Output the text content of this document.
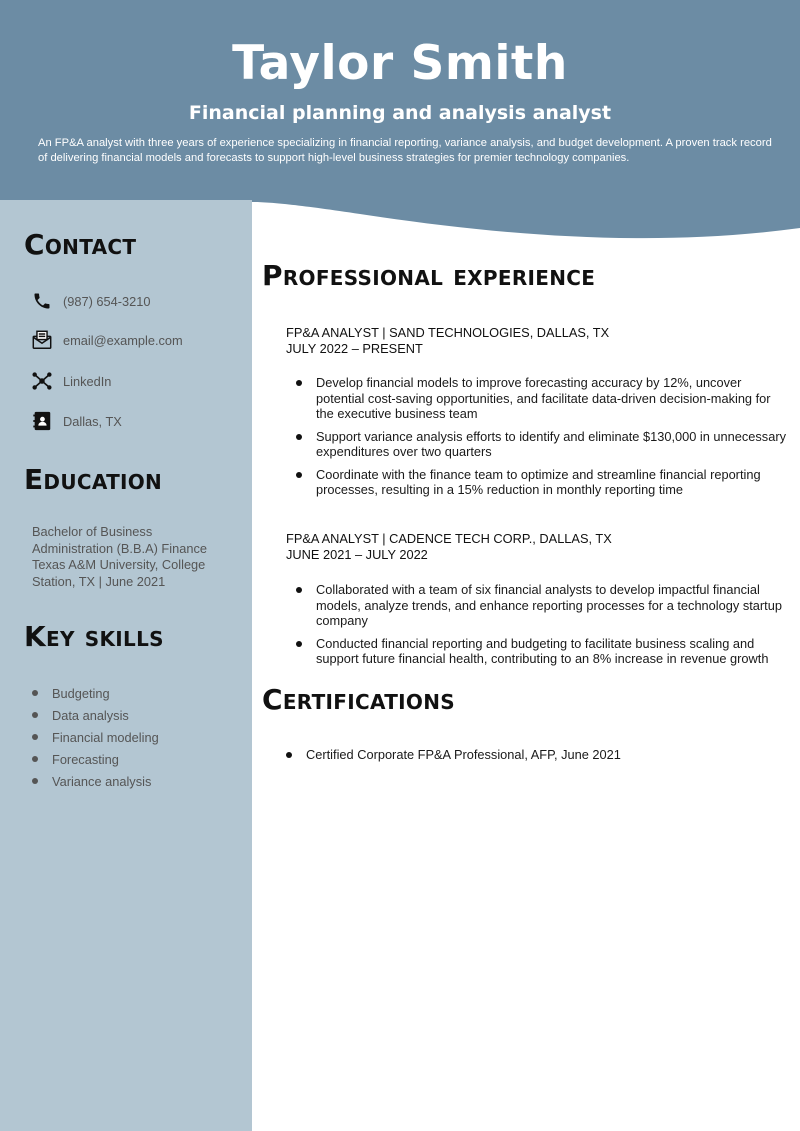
Taylor Smith
Financial planning and analysis analyst
An FP&A analyst with three years of experience specializing in financial reporting, variance analysis, and budget development. A proven track record of delivering financial models and forecasts to support high-level business strategies for premier technology companies.
Contact
(987) 654-3210
email@example.com
LinkedIn
Dallas, TX
Education
Bachelor of Business
Administration (B.B.A) Finance
Texas A&M University, College
Station, TX | June 2021
Key skills
Budgeting
Data analysis
Financial modeling
Forecasting
Variance analysis
Professional experience
FP&A ANALYST | SAND TECHNOLOGIES, DALLAS, TX
JULY 2022 – PRESENT
Develop financial models to improve forecasting accuracy by 12%, uncover potential cost-saving opportunities, and facilitate data-driven decision-making for the executive business team
Support variance analysis efforts to identify and eliminate $130,000 in unnecessary expenditures over two quarters
Coordinate with the finance team to optimize and streamline financial reporting processes, resulting in a 15% reduction in monthly reporting time
FP&A ANALYST | CADENCE TECH CORP., DALLAS, TX
JUNE 2021 – JULY 2022
Collaborated with a team of six financial analysts to develop impactful financial models, analyze trends, and enhance reporting processes for a technology startup company
Conducted financial reporting and budgeting to facilitate business scaling and support future financial health, contributing to an 8% increase in revenue growth
Certifications
Certified Corporate FP&A Professional, AFP, June 2021
